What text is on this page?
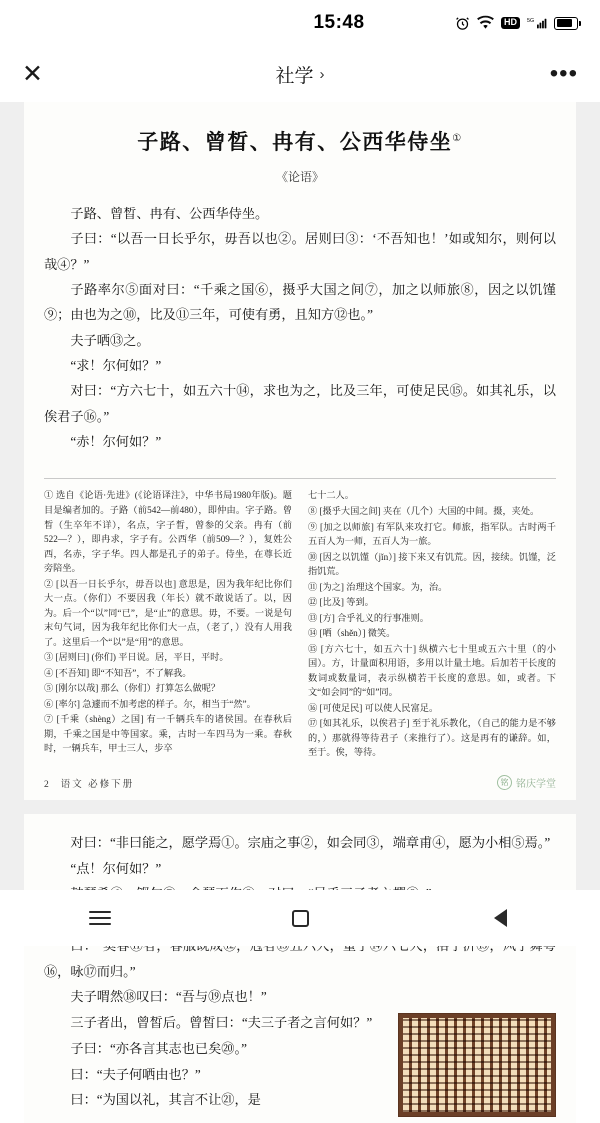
15:48	HD	5G
✕	社学 ›	•••
子路、曾晳、冉有、公西华侍坐①
《论语》

子路、曾晳、冉有、公西华侍坐。

子曰：“以吾一日长乎尔，毋吾以也②。居则曰③：‘不吾知也！’如或知尔，则何以哉④？”

子路率尔⑤面对曰：“千乘之国⑥，摄乎大国之间⑦，加之以师旅⑧，因之以饥馑⑨；由也为之⑩，比及⑪三年，可使有勇，且知方⑫也。”

夫子哂⑬之。

“求！尔何如？”

对曰：“方六七十，如五六十⑭，求也为之，比及三年，可使足民⑮。如其礼乐，以俟君子⑯。”

“赤！尔何如？”

① 选自《论语·先进》(《论语译注》，中华书局1980年版)。题目是编者加的。子路（前542—前480），即仲由。字子路。曾晳（生卒年不详），名点，字子晳，曾参的父亲。冉有（前522—？），即冉求，字子有。公西华（前509—？），复姓公西，名赤，字子华。四人都是孔子的弟子。侍坐，在尊长近旁陪坐。

② [以吾一日长乎尔，毋吾以也] 意思是，因为我年纪比你们大一点。（你们）不要因我（年长）就不敢说话了。以，因为。后一个“以”同“已”，是“止”的意思。毋，不要。一说是句末句气词，因为我年纪比你们大一点，（老了，）没有人用我了。这里后一个“以”是“用”的意思。

③ [居则曰] (你们) 平日说。居，平日，平时。

④ [不吾知] 即“不知吾”，不了解我。

⑤ [刚尔以哉] 那么（你们）打算怎么做呢？

⑥ [率尔] 急遽而不加考虑的样子。尔，相当于“然”。

⑦ [千乘（shèng）之国] 有一千辆兵车的诸侯国。在春秋后期，千乘之国是中等国家。乘，古时一车四马为一乘。春秋时，一辆兵车，甲士三人，步卒

七十二人。

⑧ [摄乎大国之间] 夹在（几个）大国的中间。摄，夹处。

⑨ [加之以师旅] 有军队来攻打它。师旅，指军队。古时两千五百人为一师，五百人为一旅。

⑩ [因之以饥馑（jǐn）] 接下来又有饥荒。因，接续。饥馑，泛指饥荒。

⑪ [为之] 治理这个国家。为，治。

⑫ [比及] 等到。

⑬ [方] 合乎礼义的行事准则。

⑭ [哂（shěn）] 微笑。

⑮ [方六七十，如五六十] 纵横六七十里或五六十里（的小国）。方，计量面积用语，多用以计量土地。后加若干长度的数词或数量词，表示纵横若干长度的意思。如，或者。下文“如会同”的“如”同。

⑯ [可使足民] 可以使人民富足。

⑰ [如其礼乐，以俟君子] 至于礼乐教化，（自己的能力是不够的，）那就得等待君子（来推行了）。这是再有的谦辞。如，至于。俟，等待。

2 语文 必修下册	铭 铭庆学堂

对曰：“非曰能之，愿学焉①。宗庙之事②，如会同③，端章甫④，愿为小相⑤焉。”

“点！尔何如？”

⑯，咏⑰而归。”

夫子喟然⑱叹曰：“吾与⑲点也！”

三子者出，曾皙后。曾皙曰：“夫三子者之言何如？”

子曰：“亦各言其志也已矣⑳。”

曰：“夫子何哂由也？”

曰：“为国以礼，其言不让㉑，是
